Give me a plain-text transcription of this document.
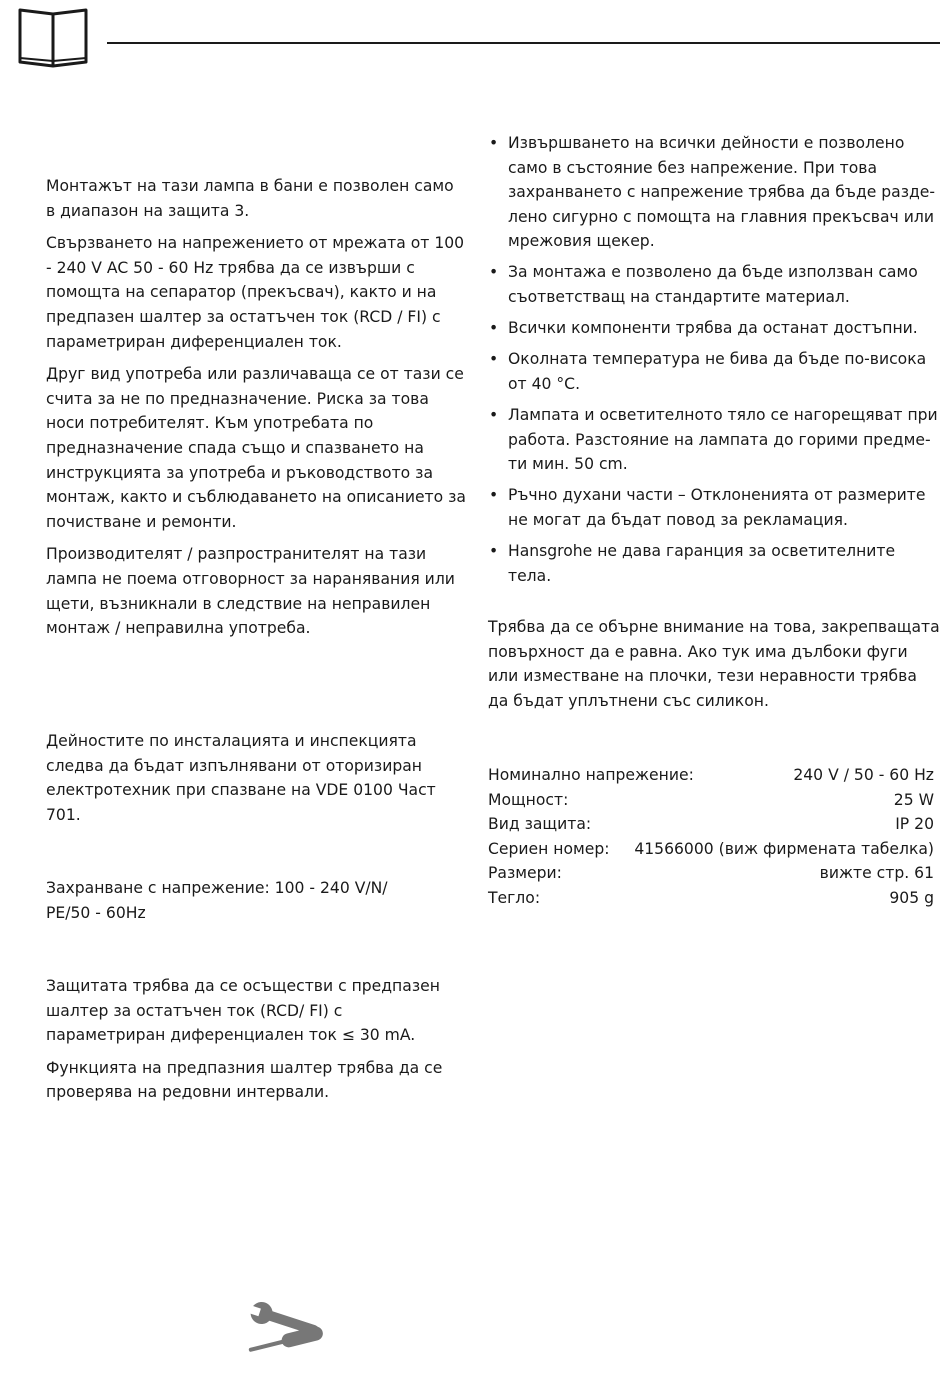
Монтажът на тази лампа в бани е позволен само в диапазон на защита 3.

Свързването на напрежението от мрежата от 100 - 240 V AC 50 - 60 Hz трябва да се извърши с помощта на сепаратор (прекъсвач), както и на предпазен шалтер за остатъчен ток (RCD / FI) с параметриран диференциален ток.

Друг вид употреба или различаваща се от тази се счита за не по предназначение. Риска за това носи потребителят. Към употребата по предназначение спада също и спазването на инструкцията за употреба и ръководството за монтаж, както и съблюдаването на описанието за почистване и ремонти.

Производителят / разпространителят на тази лампа не поема отговорност за наранявания или щети, възникнали в следствие на неправилен монтаж / неправилна употреба.

Дейностите по инсталацията и инспекцията следва да бъдат изпълнявани от оторизиран електротехник при спазване на VDE 0100 Част 701.

Захранване с напрежение: 100 - 240 V/N/ PE/50 - 60Hz

Защитата трябва да се осъществи с предпазен шалтер за остатъчен ток (RCD/ FI) с параметриран диференциален ток ≤ 30 mA.

Функцията на предпазния шалтер трябва да се проверява на редовни интервали.

• Извършването на всички дейности е позволено само в състояние без напрежение. При това захранването с напрежение трябва да бъде разде- лено сигурно с помощта на главния прекъсвач или мрежовия щекер.
• За монтажа е позволено да бъде използван само съответстващ на стандартите материал.
• Всички компоненти трябва да останат достъпни.
• Околната температура не бива да бъде по-висока от 40 °C.
• Лампата и осветителното тяло се нагорещяват при работа. Разстояние на лампата до горими предме- ти мин. 50 cm.
• Ръчно духани части – Отклоненията от размерите не могат да бъдат повод за рекламация.
• Hansgrohe не дава гаранция за осветителните тела.

Трябва да се обърне внимание на това, закрепващата повърхност да е равна. Ако тук има дълбоки фуги или изместване на плочки, тези неравности трябва да бъдат уплътнени със силикон.

Номинално напрежение:	240 V / 50 - 60 Hz
Мощност:	25 W
Вид защита:	IP 20
Сериен номер: 41566000 (виж фирмената табелка)
Размери:	вижте стр. 61
Тегло:	905 g
